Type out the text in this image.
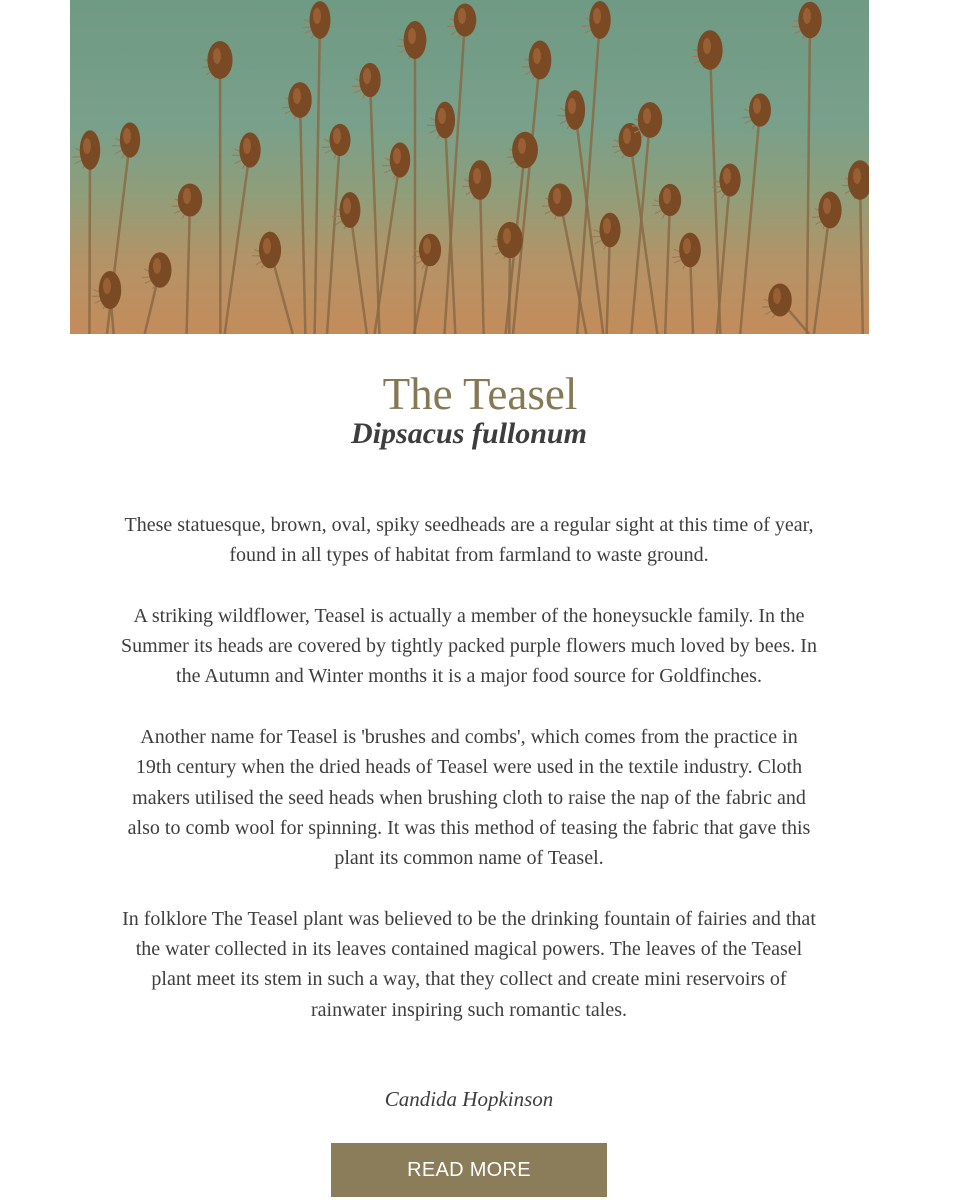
The Teasel
Dipsacus fullonum

These statuesque, brown, oval, spiky seedheads are a regular sight at this time of year, found in all types of habitat from farmland to waste ground.

A striking wildflower, Teasel is actually a member of the honeysuckle family. In the Summer its heads are covered by tightly packed purple flowers much loved by bees. In the Autumn and Winter months it is a major food source for Goldfinches.

Another name for Teasel is 'brushes and combs', which comes from the practice in 19th century when the dried heads of Teasel were used in the textile industry. Cloth makers utilised the seed heads when brushing cloth to raise the nap of the fabric and also to comb wool for spinning. It was this method of teasing the fabric that gave this plant its common name of Teasel.

In folklore The Teasel plant was believed to be the drinking fountain of fairies and that the water collected in its leaves contained magical powers. The leaves of the Teasel plant meet its stem in such a way, that they collect and create mini reservoirs of rainwater inspiring such romantic tales.

Candida Hopkinson
READ MORE
